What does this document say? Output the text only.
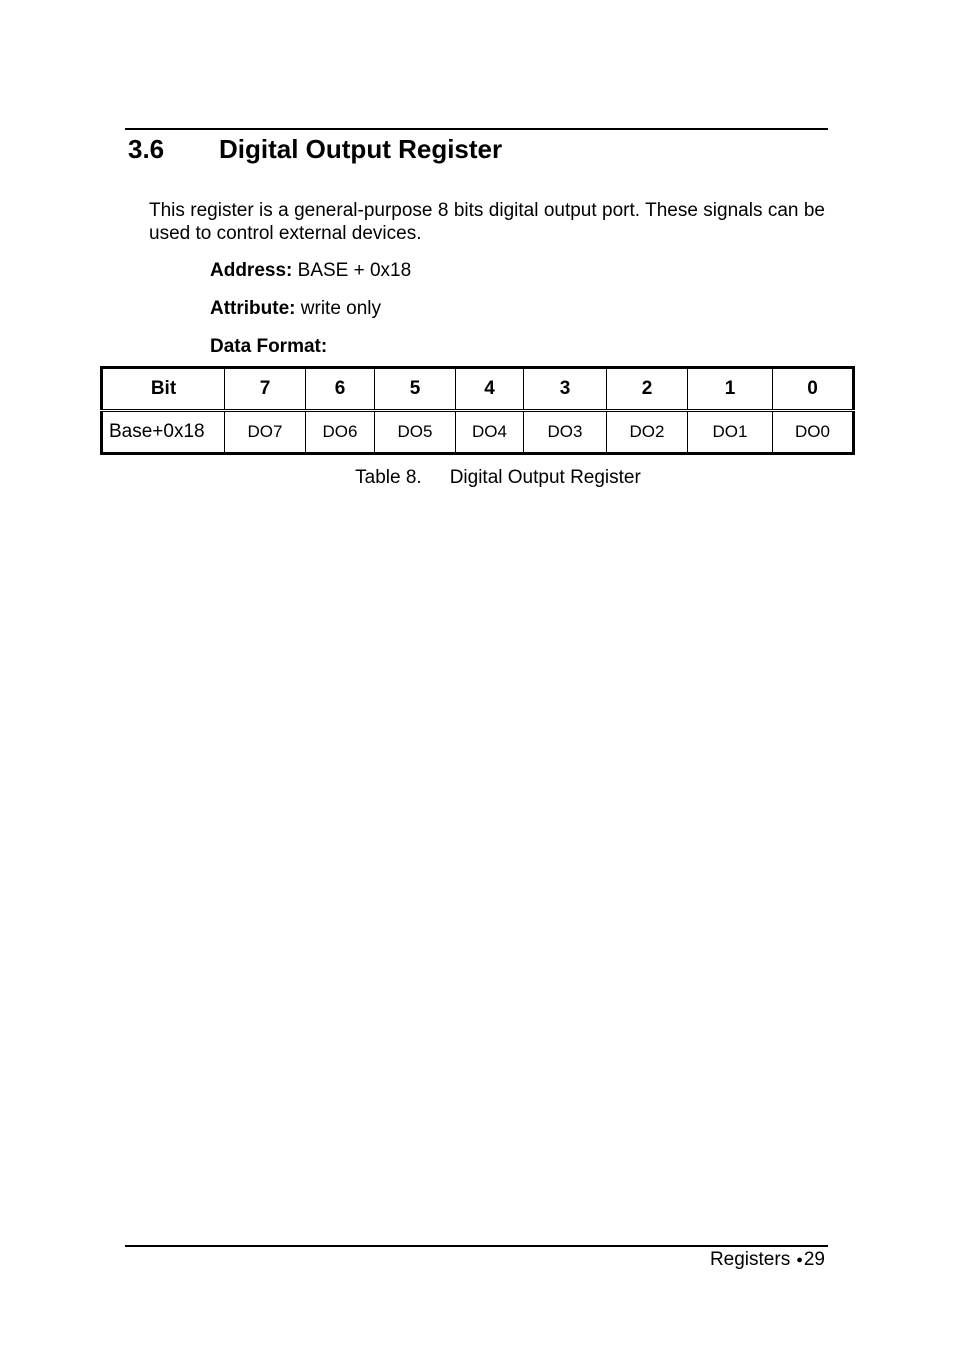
3.6 Digital Output Register
This register is a general-purpose 8 bits digital output port. These signals can be used to control external devices.
Address: BASE + 0x18
Attribute: write only
Data Format:
Bit	7	6	5	4	3	2	1	0
Base+0x18	DO7	DO6	DO5	DO4	DO3	DO2	DO1	DO0
Table 8. Digital Output Register
Registers ●29
